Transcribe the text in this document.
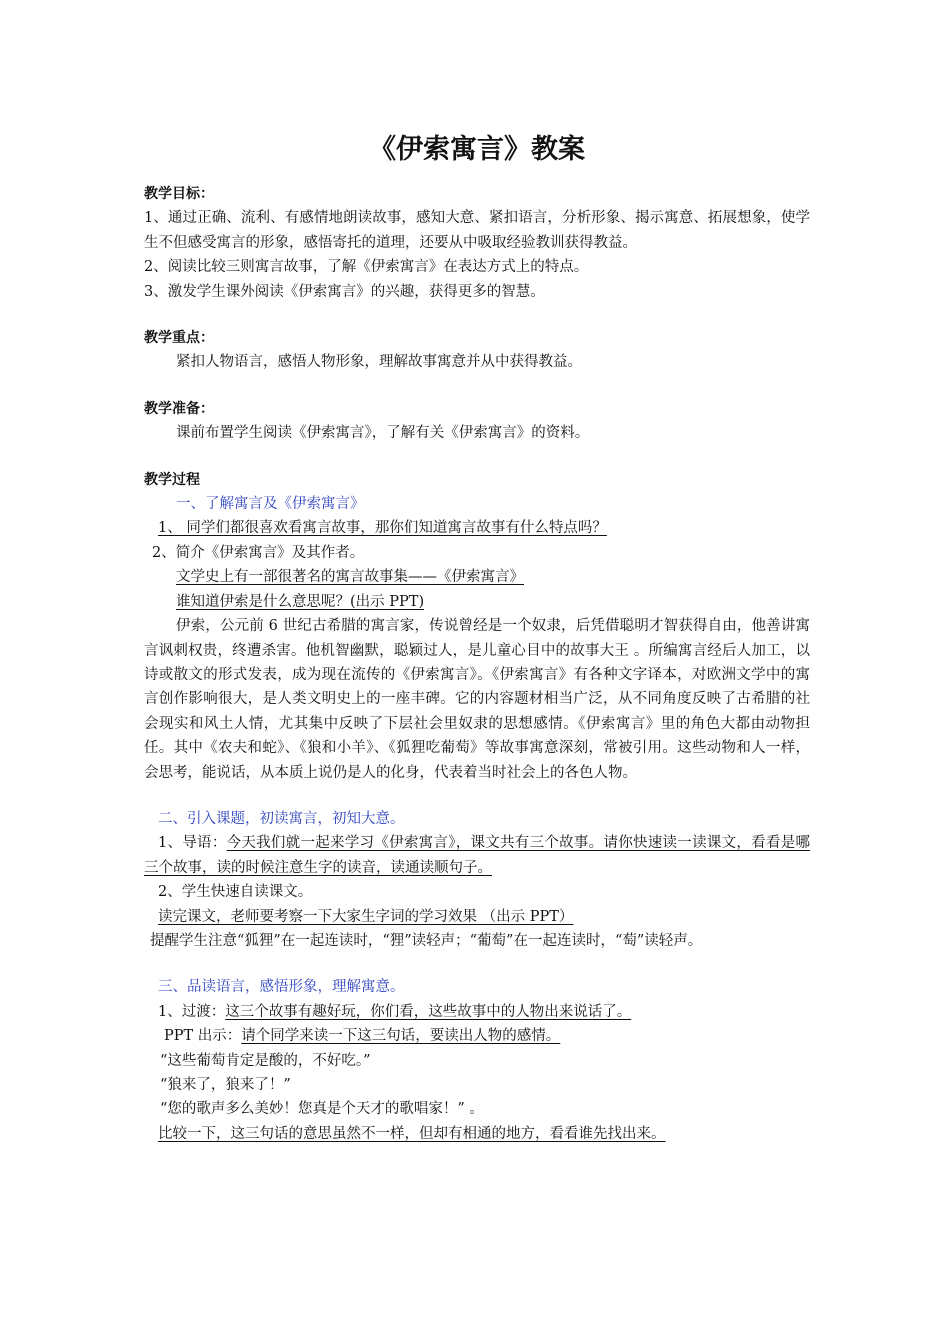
《伊索寓言》教案

教学目标：

1、通过正确、流利、有感情地朗读故事，感知大意、紧扣语言，分析形象、揭示寓意、拓展想象，使学生不但感受寓言的形象，感悟寄托的道理，还要从中吸取经验教训获得教益。

2、阅读比较三则寓言故事，了解《伊索寓言》在表达方式上的特点。

3、激发学生课外阅读《伊索寓言》的兴趣，获得更多的智慧。

教学重点：

紧扣人物语言，感悟人物形象，理解故事寓意并从中获得教益。

教学准备：

课前布置学生阅读《伊索寓言》，了解有关《伊索寓言》的资料。

教学过程

一、了解寓言及《伊索寓言》

1、 同学们都很喜欢看寓言故事，那你们知道寓言故事有什么特点吗？

2、简介《伊索寓言》及其作者。

文学史上有一部很著名的寓言故事集——《伊索寓言》

谁知道伊索是什么意思呢？(出示 PPT)

伊索，公元前 6 世纪古希腊的寓言家，传说曾经是一个奴隶，后凭借聪明才智获得自由，他善讲寓言讽刺权贵，终遭杀害。他机智幽默，聪颖过人，是儿童心目中的故事大王 。所编寓言经后人加工，以诗或散文的形式发表，成为现在流传的《伊索寓言》。《伊索寓言》有各种文字译本，对欧洲文学中的寓言创作影响很大，是人类文明史上的一座丰碑。它的内容题材相当广泛，从不同角度反映了古希腊的社会现实和风土人情，尤其集中反映了下层社会里奴隶的思想感情。《伊索寓言》里的角色大都由动物担任。其中《农夫和蛇》、《狼和小羊》、《狐狸吃葡萄》等故事寓意深刻，常被引用。这些动物和人一样，会思考，能说话，从本质上说仍是人的化身，代表着当时社会上的各色人物。

二、引入课题，初读寓言，初知大意。

1、导语：今天我们就一起来学习《伊索寓言》，课文共有三个故事。请你快速读一读课文，看看是哪三个故事，读的时候注意生字的读音，读通读顺句子。

2、学生快速自读课文。

读完课文，老师要考察一下大家生字词的学习效果 （出示 PPT）

提醒学生注意“狐狸”在一起连读时，“狸”读轻声；“葡萄”在一起连读时，“萄”读轻声。

三、品读语言，感悟形象，理解寓意。

1、过渡：这三个故事有趣好玩，你们看，这些故事中的人物出来说话了。

PPT 出示：请个同学来读一下这三句话，要读出人物的感情。

“这些葡萄肯定是酸的，不好吃。”

“狼来了，狼来了！”

“您的歌声多么美妙！您真是个天才的歌唱家！” 。

比较一下，这三句话的意思虽然不一样，但却有相通的地方，看看谁先找出来。
